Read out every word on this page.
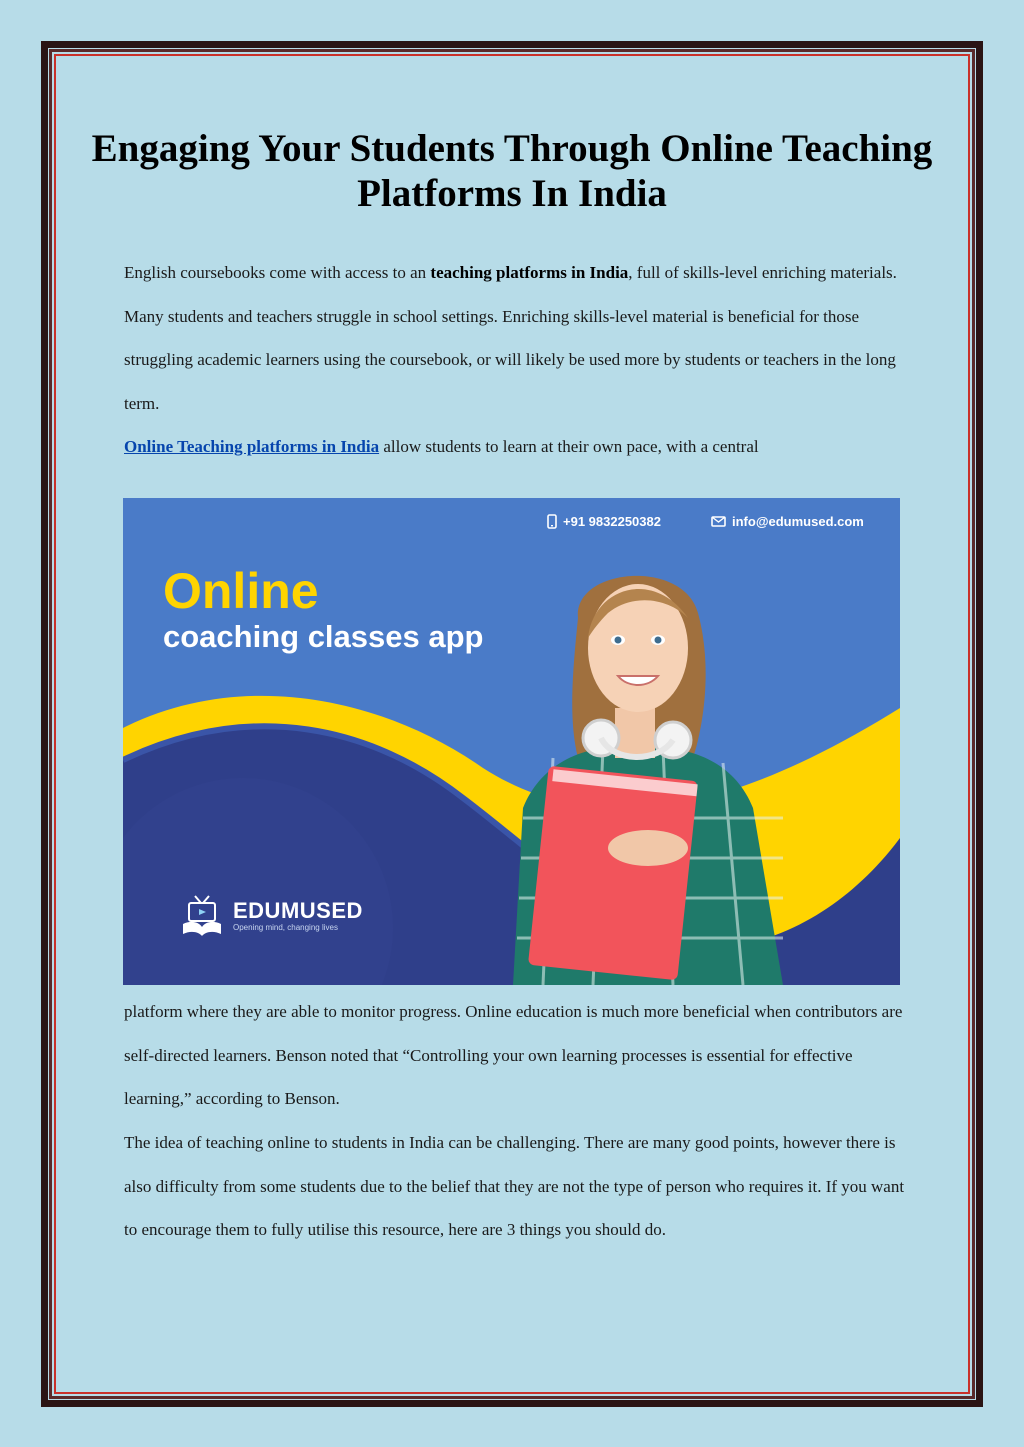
Engaging Your Students Through Online Teaching Platforms In India

English coursebooks come with access to an teaching platforms in India, full of skills-level enriching materials. Many students and teachers struggle in school settings. Enriching skills-level material is beneficial for those struggling academic learners using the coursebook, or will likely be used more by students or teachers in the long term.

Online Teaching platforms in India allow students to learn at their own pace, with a central

+91 9832250382	info@edumused.com

Online

coaching classes app

EDUMUSED
Opening mind, changing lives

platform where they are able to monitor progress. Online education is much more beneficial when contributors are self-directed learners. Benson noted that “Controlling your own learning processes is essential for effective learning,” according to Benson.

The idea of teaching online to students in India can be challenging. There are many good points, however there is also difficulty from some students due to the belief that they are not the type of person who requires it. If you want to encourage them to fully utilise this resource, here are 3 things you should do.
